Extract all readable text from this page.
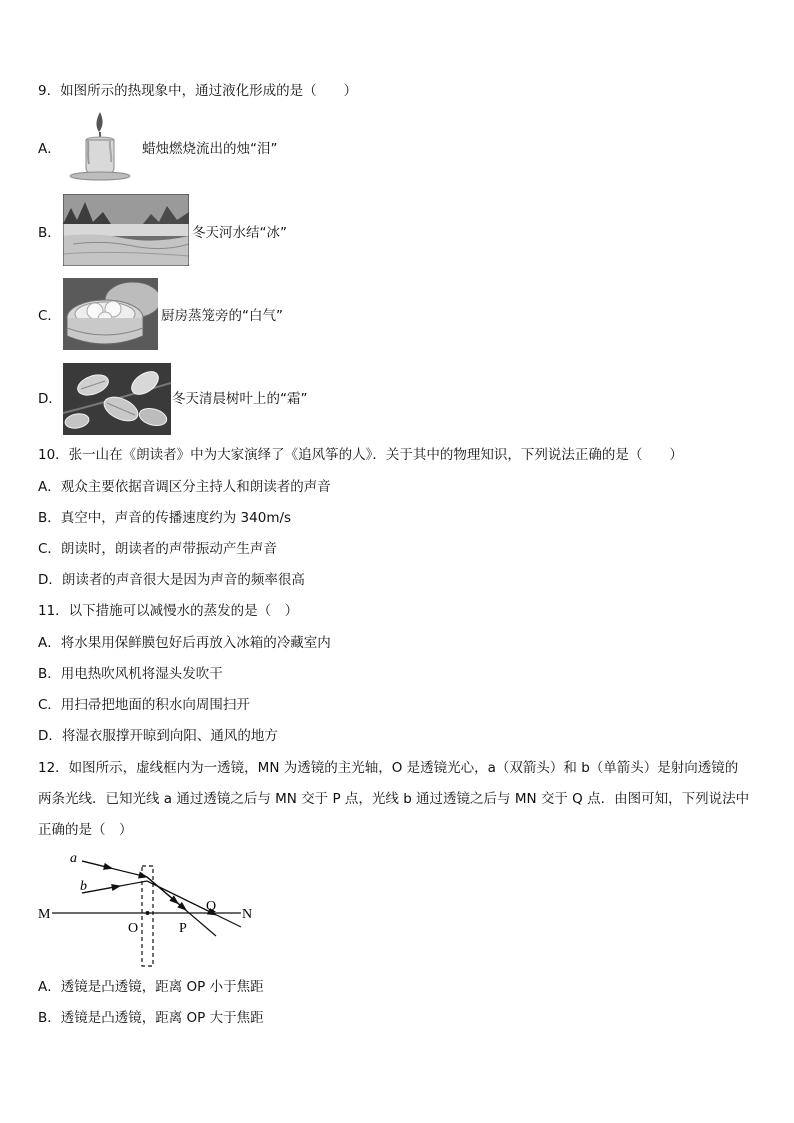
9．如图所示的热现象中，通过液化形成的是（　　）
A．	蜡烛燃烧流出的烛“泪”
B．	冬天河水结“冰”
C．	厨房蒸笼旁的“白气”
D．	冬天清晨树叶上的“霜”
10．张一山在《朗读者》中为大家演绎了《追风筝的人》．关于其中的物理知识，下列说法正确的是（　　）
A．观众主要依据音调区分主持人和朗读者的声音
B．真空中，声音的传播速度约为 340m/s
C．朗读时，朗读者的声带振动产生声音
D．朗读者的声音很大是因为声音的频率很高
11．以下措施可以减慢水的蒸发的是（　）
A．将水果用保鲜膜包好后再放入冰箱的冷藏室内
B．用电热吹风机将湿头发吹干
C．用扫帚把地面的积水向周围扫开
D．将湿衣服撑开晾到向阳、通风的地方
12．如图所示，虚线框内为一透镜，MN 为透镜的主光轴，O 是透镜光心，a（双箭头）和 b（单箭头）是射向透镜的
两条光线．已知光线 a 通过透镜之后与 MN 交于 P 点，光线 b 通过透镜之后与 MN 交于 Q 点．由图可知，下列说法中
正确的是（　）
a
b
M	N
O	P
Q
A．透镜是凸透镜，距离 OP 小于焦距
B．透镜是凸透镜，距离 OP 大于焦距
